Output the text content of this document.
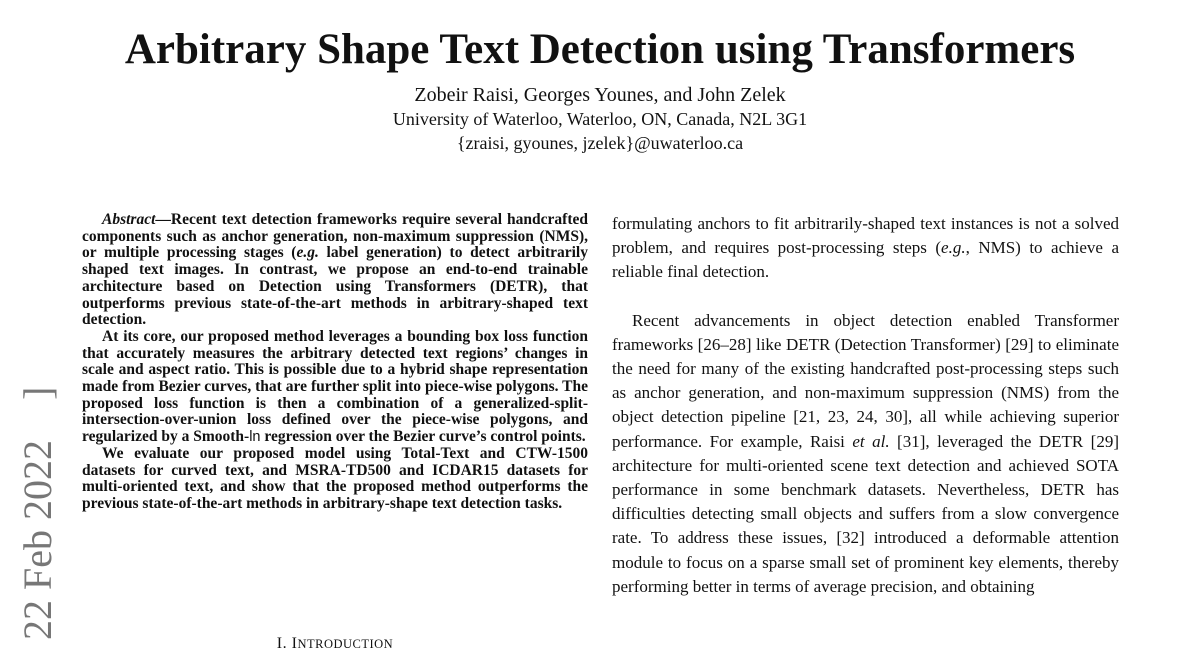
Arbitrary Shape Text Detection using Transformers
Zobeir Raisi, Georges Younes, and John Zelek
University of Waterloo, Waterloo, ON, Canada, N2L 3G1
{zraisi, gyounes, jzelek}@uwaterloo.ca
22 Feb 2022]

Abstract—Recent text detection frameworks require several handcrafted components such as anchor generation, non-maximum suppression (NMS), or multiple processing stages (e.g. label generation) to detect arbitrarily shaped text images. In contrast, we propose an end-to-end trainable architecture based on Detection using Transformers (DETR), that outperforms previous state-of-the-art methods in arbitrary-shaped text detection.

At its core, our proposed method leverages a bounding box loss function that accurately measures the arbitrary detected text regions’ changes in scale and aspect ratio. This is possible due to a hybrid shape representation made from Bezier curves, that are further split into piece-wise polygons. The proposed loss function is then a combination of a generalized-split-intersection-over-union loss defined over the piece-wise polygons, and regularized by a Smooth-ln regression over the Bezier curve’s control points.

We evaluate our proposed model using Total-Text and CTW-1500 datasets for curved text, and MSRA-TD500 and ICDAR15 datasets for multi-oriented text, and show that the proposed method outperforms the previous state-of-the-art methods in arbitrary-shape text detection tasks.

I. INTRODUCTION

formulating anchors to fit arbitrarily-shaped text instances is not a solved problem, and requires post-processing steps (e.g., NMS) to achieve a reliable final detection.

Recent advancements in object detection enabled Transformer frameworks [26–28] like DETR (Detection Transformer) [29] to eliminate the need for many of the existing handcrafted post-processing steps such as anchor generation, and non-maximum suppression (NMS) from the object detection pipeline [21, 23, 24, 30], all while achieving superior performance. For example, Raisi et al. [31], leveraged the DETR [29] architecture for multi-oriented scene text detection and achieved SOTA performance in some benchmark datasets. Nevertheless, DETR has difficulties detecting small objects and suffers from a slow convergence rate. To address these issues, [32] introduced a deformable attention module to focus on a sparse small set of prominent key elements, thereby performing better in terms of average precision, and obtaining
